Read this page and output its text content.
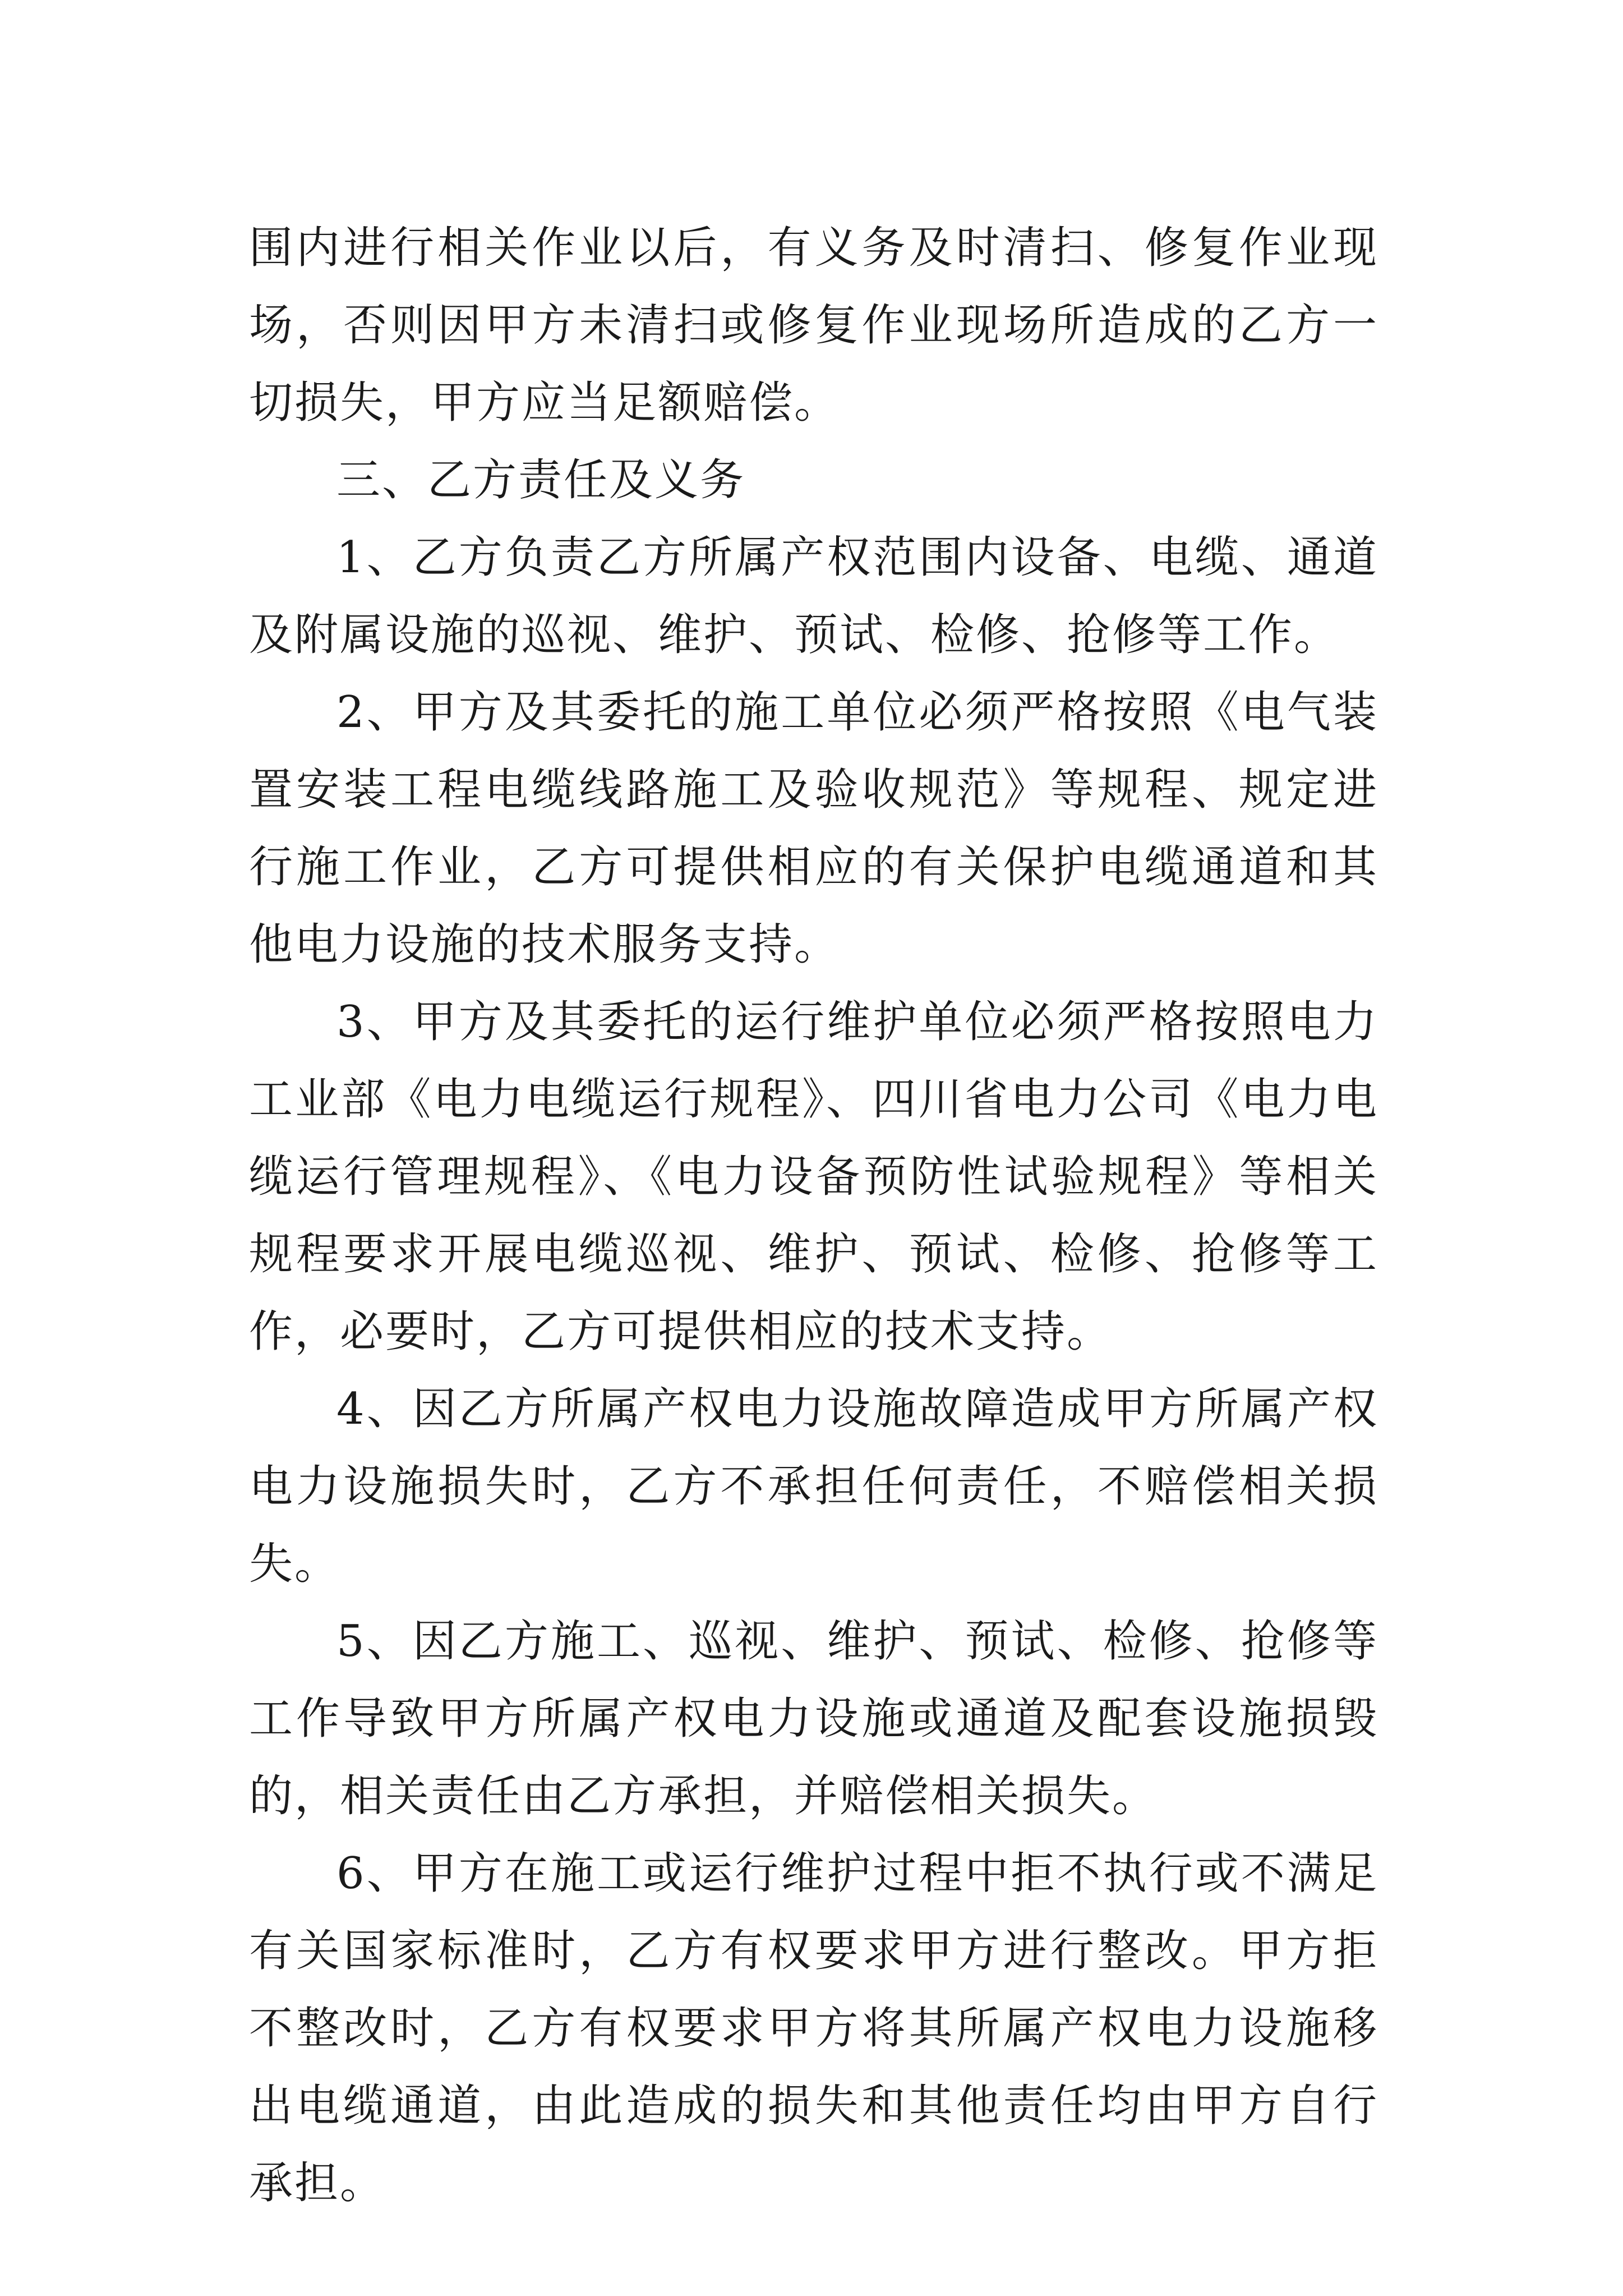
围内进行相关作业以后，有义务及时清扫、修复作业现场，否则因甲方未清扫或修复作业现场所造成的乙方一切损失，甲方应当足额赔偿。

三、乙方责任及义务

1、乙方负责乙方所属产权范围内设备、电缆、通道及附属设施的巡视、维护、预试、检修、抢修等工作。

2、甲方及其委托的施工单位必须严格按照《电气装置安装工程电缆线路施工及验收规范》等规程、规定进行施工作业，乙方可提供相应的有关保护电缆通道和其他电力设施的技术服务支持。

3、甲方及其委托的运行维护单位必须严格按照电力工业部《电力电缆运行规程》、四川省电力公司《电力电缆运行管理规程》、《电力设备预防性试验规程》等相关规程要求开展电缆巡视、维护、预试、检修、抢修等工作，必要时，乙方可提供相应的技术支持。

4、因乙方所属产权电力设施故障造成甲方所属产权电力设施损失时，乙方不承担任何责任，不赔偿相关损失。

5、因乙方施工、巡视、维护、预试、检修、抢修等工作导致甲方所属产权电力设施或通道及配套设施损毁的，相关责任由乙方承担，并赔偿相关损失。

6、甲方在施工或运行维护过程中拒不执行或不满足有关国家标准时，乙方有权要求甲方进行整改。甲方拒不整改时，乙方有权要求甲方将其所属产权电力设施移出电缆通道，由此造成的损失和其他责任均由甲方自行承担。
